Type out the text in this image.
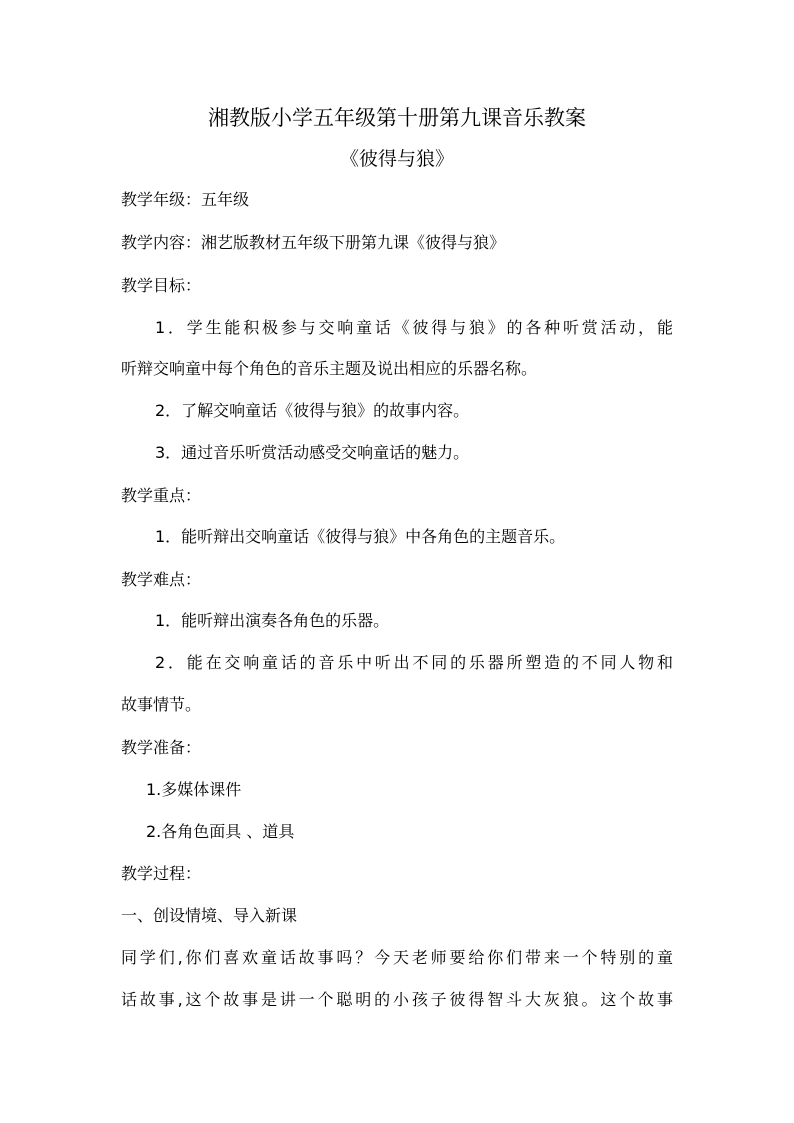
湘教版小学五年级第十册第九课音乐教案
《彼得与狼》
教学年级：五年级
教学内容：湘艺版教材五年级下册第九课《彼得与狼》
教学目标：
1．学生能积极参与交响童话《彼得与狼》的各种听赏活动，能
听辩交响童中每个角色的音乐主题及说出相应的乐器名称。
2．了解交响童话《彼得与狼》的故事内容。
3．通过音乐听赏活动感受交响童话的魅力。
教学重点：
1．能听辩出交响童话《彼得与狼》中各角色的主题音乐。
教学难点：
1．能听辩出演奏各角色的乐器。
2．能在交响童话的音乐中听出不同的乐器所塑造的不同人物和
故事情节。
教学准备：
1.多媒体课件
2.各角色面具 、道具
教学过程：
一、创设情境、导入新课
同学们,你们喜欢童话故事吗？今天老师要给你们带来一个特别的童
话故事,这个故事是讲一个聪明的小孩子彼得智斗大灰狼。这个故事
